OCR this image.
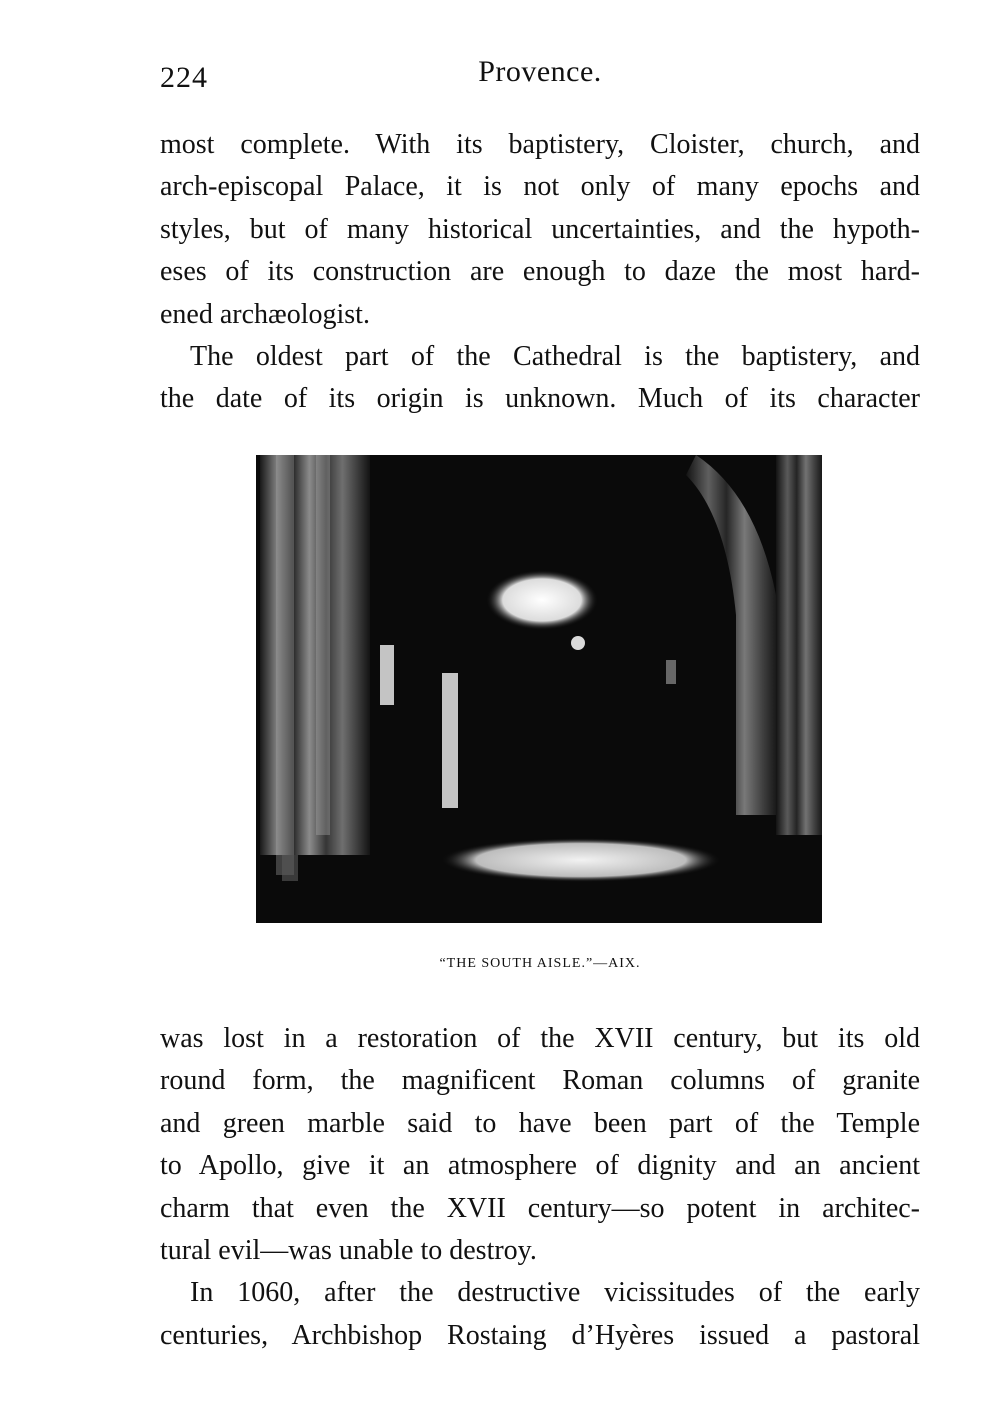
224	Provence.
most complete. With its baptistery, Cloister, church, and
arch-episcopal Palace, it is not only of many epochs and
styles, but of many historical uncertainties, and the hypoth-
eses of its construction are enough to daze the most hard-
ened archæologist.
The oldest part of the Cathedral is the baptistery, and
the date of its origin is unknown. Much of its character
“THE SOUTH AISLE.”—AIX.
was lost in a restoration of the XVII century, but its old
round form, the magnificent Roman columns of granite
and green marble said to have been part of the Temple
to Apollo, give it an atmosphere of dignity and an ancient
charm that even the XVII century—so potent in architec-
tural evil—was unable to destroy.
In 1060, after the destructive vicissitudes of the early
centuries, Archbishop Rostaing d’Hyères issued a pastoral
